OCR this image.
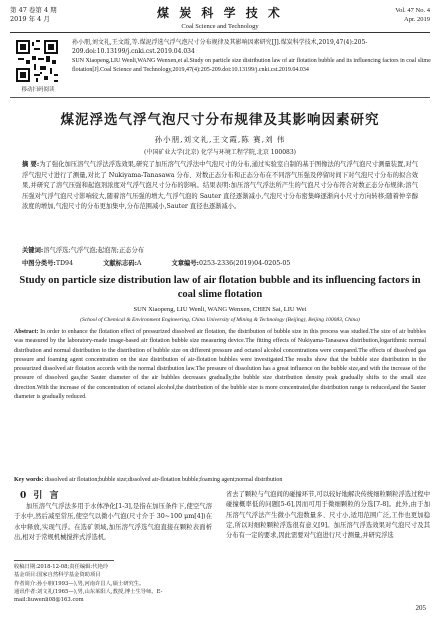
第 47 卷第 4 期
2019 年 4 月	煤 炭 科 学 技 术
Coal Science and Technology
Vol. 47 No. 4
Apr. 2019
移动扫码阅读

孙小朋,刘文礼,王文霞,等.煤泥浮选气浮气泡尺寸分布规律及其影响因素研究[J].煤炭科学技术,2019,47(4):205-209.doi:10.13199/j.cnki.cst.2019.04.034

SUN Xiaopeng,LIU Wenli,WANG Wenxen,et al.Study on particle size distribution law of air flotation bubble and its influencing factors in coal slime flotation[J].Coal Science and Technology,2019,47(4):205-209.doi:10.13199/j.cnki.cst.2019.04.034

煤泥浮选气浮气泡尺寸分布规律及其影响因素研究
孙小朋,刘文礼,王文霞,陈 赛,刘 伟
(中国矿业大学(北京) 化学与环境工程学院,北京 100083)
摘 要:为了强化加压溶气气浮法浮选效果,研究了加压溶气气浮法中气泡尺寸的分布,通过实验室自制的基于图像法的气浮气泡尺寸测量装置,对气浮气泡尺寸进行了测量,对比了 Nukiyama-Tanasawa 分布、对数正态分布和正态分布在不同溶气压强及停留时间下对气泡尺寸分布的拟合效果,并研究了溶气压强和起泡剂浓度对气浮气泡尺寸分布的影响。结果表明:加压溶气气浮法所产生的气泡尺寸分布符合对数正态分布规律;溶气压强对气浮气泡尺寸影响较大,随着溶气压强的增大,气浮气泡的 Sauter 直径逐渐减小,气泡尺寸分布密集峰逐渐向小尺寸方向转移;随着仲辛醇浓度的增加,气泡尺寸的分布更加集中,分布范围减小,Sauter 直径也逐渐减小。
关键词:溶气浮选;气浮气泡;起泡剂;正态分布
中图分类号:TD94	文献标志码:A	文章编号:0253-2336(2019)04-0205-05
Study on particle size distribution law of air flotation bubble and its influencing factors in coal slime flotation
SUN Xiaopeng, LIU Wenli, WANG Wenxen, CHEN Sai, LIU Wei
(School of Chemical & Environment Engineering, China University of Mining & Technology (Beijing), Beijing 100083, China)
Abstract: In order to enhance the flotation effect of pressurized dissolved air flotation, the distribution of bubble size in this process was studied.The size of air bubbles was measured by the laboratory-made image-based air flotation bubble size measuring device.The fitting effects of Nukiyama-Tanasawa distribution,logarithmic normal distribution and normal distribution to the distribution of bubble size on different pressure and octanol alcohol concentrations were compared.The effects of dissolved gas pressure and foaming agent concentration on the size distribution of air-flotation bubbles were investigated.The results show that the bubble size distribution in the pressurized dissolved air flotation accords with the normal distribution law.The pressure of dissolution has a great influence on the bubble size,and with the increase of the pressure of dissolved gas,the Sauter diameter of the air bubbles decreases gradually,the bubble size distribution density peak gradually shifts to the small size direction.With the increase of the concentration of octanol alcohol,the distribution of the bubble size is more concentrated,the distribution range is reduced,and the Sauter diameter is gradually reduced.
Key words: dissolved air flotation;bubble size;dissolved air-flotation bubble;foaming agent;normal distribution
0 引 言
加压溶气气浮法多用于水体净化[1-3],是指在加压条件下,使空气溶于水中,然后减至常压,使空气以微小气泡(尺寸介于 30~100 μm[4])在水中释放,实现气浮。在选矿领域,加压溶气浮选气泡直接在颗粒表面析出,相对于常规机械搅拌式浮选机,
省去了颗粒与气泡间的碰撞环节,可以较好地解决传统细粒颗粒浮选过程中碰撞概率低的问题[5-6],因而可用于微细颗粒的分选[7-8]。此外,由于加压溶气气浮法产生微小气泡数量多、尺寸小,适用范围广泛,工作也更加稳定,所以对细粒颗粒浮选很有意义[9]。加压溶气浮选效果对气泡尺寸及其分布有一定的要求,因此需要对气泡进行尺寸测量,并研究浮选

收稿日期:2018-12-08;责任编辑:代艳玲

基金项目:国家自然科学基金资助项目

作者简介:孙小朋(1993—),男,河南许昌人,硕士研究生。

通讯作者:刘文礼(1965—),男,山东莱阳人,教授,博士生导师。E-mail:liuwenli08@163.com

205
